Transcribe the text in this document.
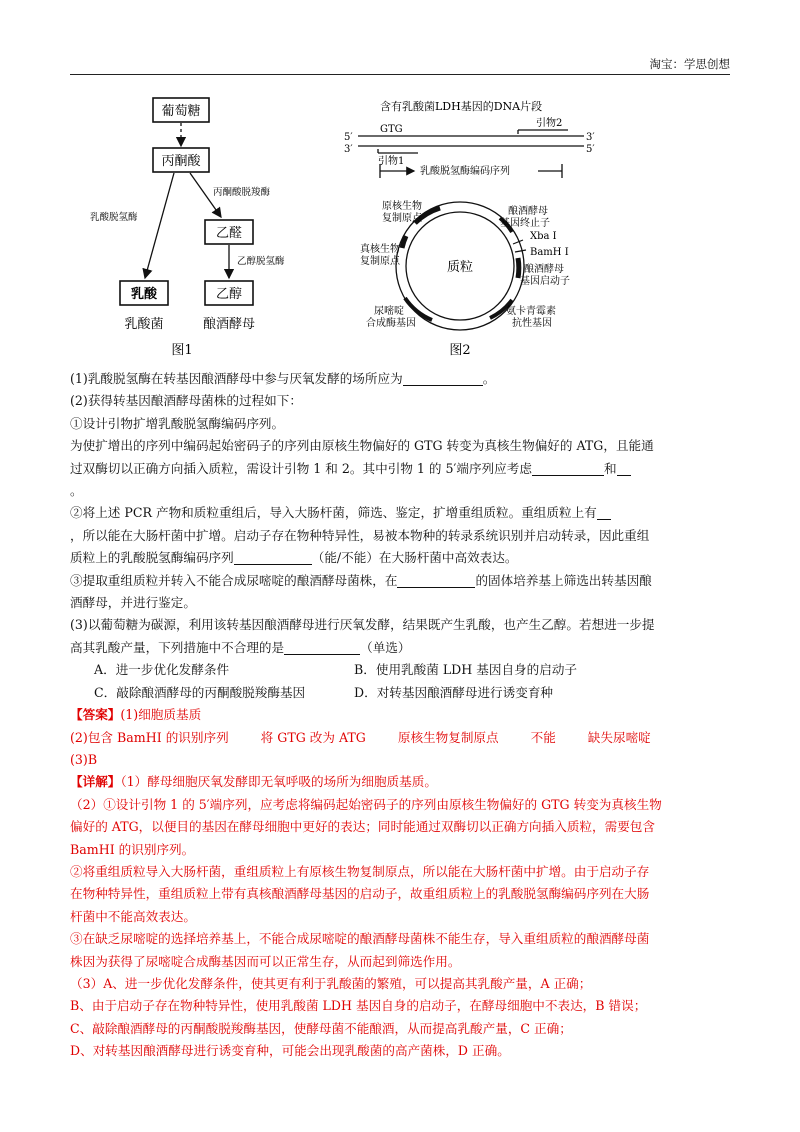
淘宝：学思创想
葡萄糖
丙酮酸
乙醛
乳酸	乙醇
乳酸脱氢酶
丙酮酸脱羧酶
乙醇脱氢酶
乳酸菌	酿酒酵母
图1
含有乳酸菌LDH基因的DNA片段
5′
3′
3′
5′
GTG
引物2
引物1
乳酸脱氢酶编码序列
质粒
原核生物
复制原点
真核生物
复制原点
尿嘧啶
合成酶基因
酿酒酵母
基因终止子
Xba I
BamH I
酿酒酵母
基因启动子
氨卡青霉素
抗性基因
图2

(1)乳酸脱氢酶在转基因酿酒酵母中参与厌氧发酵的场所应为	。

(2)获得转基因酿酒酵母菌株的过程如下：

①设计引物扩增乳酸脱氢酶编码序列。

为使扩增出的序列中编码起始密码子的序列由原核生物偏好的 GTG 转变为真核生物偏好的 ATG，且能通

过双酶切以正确方向插入质粒，需设计引物 1 和 2。其中引物 1 的 5′端序列应考虑	和

。

②将上述 PCR 产物和质粒重组后，导入大肠杆菌，筛选、鉴定，扩增重组质粒。重组质粒上有

，所以能在大肠杆菌中扩增。启动子存在物种特异性，易被本物种的转录系统识别并启动转录，因此重组

质粒上的乳酸脱氢酶编码序列	（能/不能）在大肠杆菌中高效表达。

③提取重组质粒并转入不能合成尿嘧啶的酿酒酵母菌株，在	的固体培养基上筛选出转基因酿

酒酵母，并进行鉴定。

(3)以葡萄糖为碳源，利用该转基因酿酒酵母进行厌氧发酵，结果既产生乳酸，也产生乙醇。若想进一步提

高其乳酸产量，下列措施中不合理的是	（单选）

A．进一步优化发酵条件	B．使用乳酸菌 LDH 基因自身的启动子

C．敲除酿酒酵母的丙酮酸脱羧酶基因	D．对转基因酿酒酵母进行诱变育种

【答案】(1)细胞质基质

(2)包含 BamHI 的识别序列	将 GTG 改为 ATG	原核生物复制原点	不能	缺失尿嘧啶

(3)B

【详解】（1）酵母细胞厌氧发酵即无氧呼吸的场所为细胞质基质。

（2）①设计引物 1 的 5′端序列，应考虑将编码起始密码子的序列由原核生物偏好的 GTG 转变为真核生物

偏好的 ATG，以便目的基因在酵母细胞中更好的表达；同时能通过双酶切以正确方向插入质粒，需要包含

BamHI 的识别序列。

②将重组质粒导入大肠杆菌，重组质粒上有原核生物复制原点，所以能在大肠杆菌中扩增。由于启动子存

在物种特异性，重组质粒上带有真核酿酒酵母基因的启动子，故重组质粒上的乳酸脱氢酶编码序列在大肠

杆菌中不能高效表达。

③在缺乏尿嘧啶的选择培养基上，不能合成尿嘧啶的酿酒酵母菌株不能生存，导入重组质粒的酿酒酵母菌

株因为获得了尿嘧啶合成酶基因而可以正常生存，从而起到筛选作用。

（3）A、进一步优化发酵条件，使其更有利于乳酸菌的繁殖，可以提高其乳酸产量，A 正确；

B、由于启动子存在物种特异性，使用乳酸菌 LDH 基因自身的启动子，在酵母细胞中不表达，B 错误；

C、敲除酿酒酵母的丙酮酸脱羧酶基因，使酵母菌不能酿酒，从而提高乳酸产量，C 正确；

D、对转基因酿酒酵母进行诱变育种，可能会出现乳酸菌的高产菌株，D 正确。
